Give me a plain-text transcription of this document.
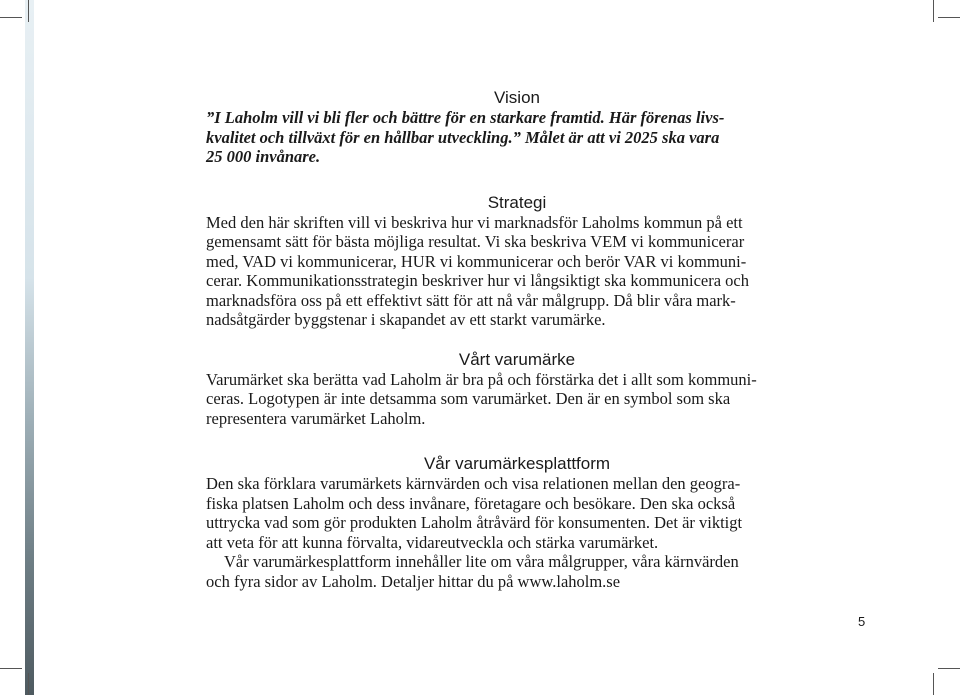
Vision

”I Laholm vill vi bli fler och bättre för en starkare framtid. Här förenas livs-

kvalitet och tillväxt för en hållbar utveckling.” Målet är att vi 2025 ska vara

25 000 invånare.

Strategi

Med den här skriften vill vi beskriva hur vi marknadsför Laholms kommun på ett

gemensamt sätt för bästa möjliga resultat. Vi ska beskriva VEM vi kommunicerar

med, VAD vi kommunicerar, HUR vi kommunicerar och berör VAR vi kommuni-

cerar. Kommunikationsstrategin beskriver hur vi långsiktigt ska kommunicera och

marknadsföra oss på ett effektivt sätt för att nå vår målgrupp. Då blir våra mark-

nadsåtgärder byggstenar i skapandet av ett starkt varumärke.

Vårt varumärke

Varumärket ska berätta vad Laholm är bra på och förstärka det i allt som kommuni-

ceras. Logotypen är inte detsamma som varumärket. Den är en symbol som ska

representera varumärket Laholm.

Vår varumärkesplattform

Den ska förklara varumärkets kärnvärden och visa relationen mellan den geogra-

fiska platsen Laholm och dess invånare, företagare och besökare. Den ska också

uttrycka vad som gör produkten Laholm åtråvärd för konsumenten. Det är viktigt

att veta för att kunna förvalta, vidareutveckla och stärka varumärket.

Vår varumärkesplattform innehåller lite om våra målgrupper, våra kärnvärden

och fyra sidor av Laholm. Detaljer hittar du på www.laholm.se

5
